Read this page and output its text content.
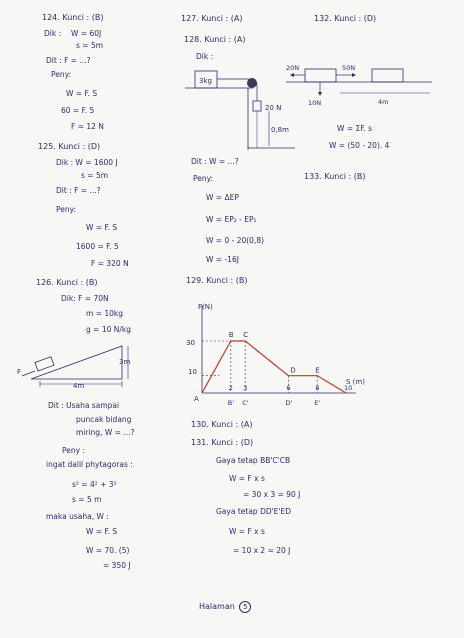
124. Kunci : (B)
Dik : W = 60J
s = 5m
Dit : F = ...?
Peny:
W = F. S
60 = F. 5
F = 12 N
125. Kunci : (D)
Dik : W = 1600 J
s = 5m
Dit : F = ...?
Peny:
W = F. S
1600 = F. 5
F = 320 N
126. Kunci : (B)
Dik: F = 70N
m = 10kg
g = 10 N/kg
F
3m
4m
Dit : Usaha sampai
puncak bidang
miring, W = ...?
Peny :
ingat dalil phytagoras :
s² = 4² + 3²
s = 5 m
maka usaha, W :
W = F. S
W = 70. (5)
= 350 J
127. Kunci : (A)
128. Kunci : (A)
Dik :
3kg
20 N
0,8m
Dit : W = ...?
Peny:
W = ΔEP
W = EP₂ - EP₁
W = 0 - 20(0,8)
W = -16J
129. Kunci : (B)
F(N)
S (m)
30
10
A
B C
D	E
2 3	6	8	10
B' C'	D'	E'
130. Kunci : (A)
131. Kunci : (D)
Gaya tetap BB'C'CB
W = F x s
= 30 x 3 = 90 J
Gaya tetap DD'E'ED
W = F x s
= 10 x 2 = 20 J
132. Kunci : (D)
20N	50N
10N	4m
W = ΣF. s
W = (50 - 20). 4
133. Kunci : (B)
Halaman 5
